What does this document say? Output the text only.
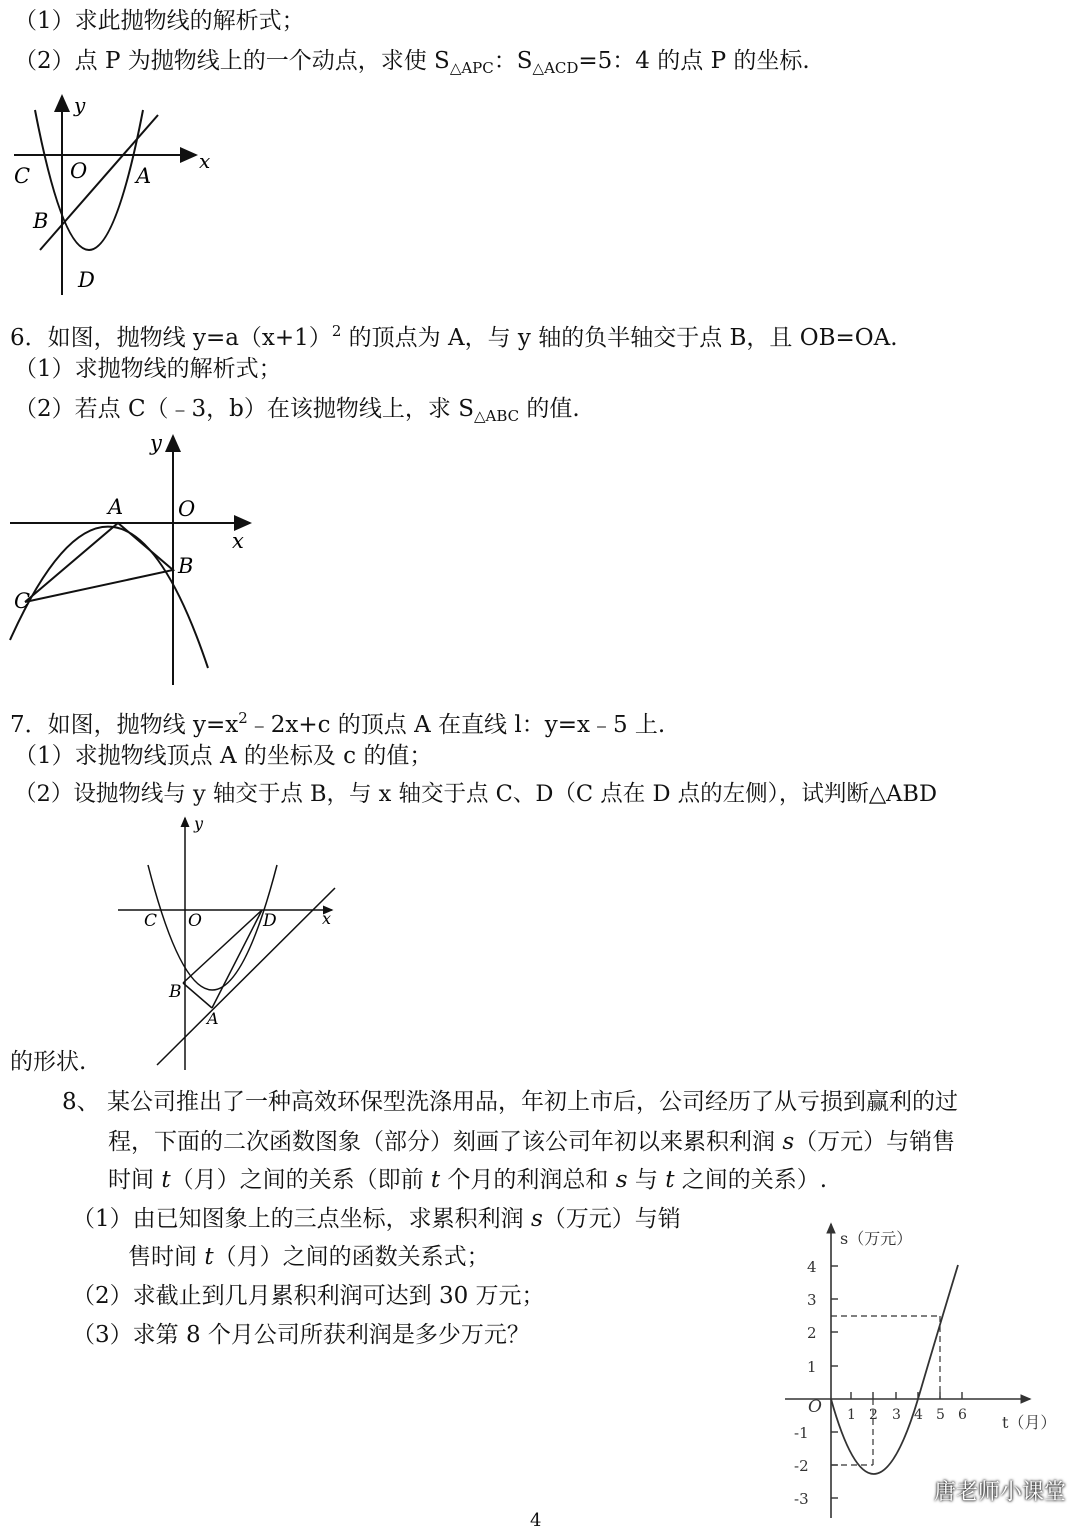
（1）求此抛物线的解析式；
（2）点 P 为抛物线上的一个动点，求使 $S_{\triangle APC}$：$S_{\triangle ACD}=5$：4 的点 P 的坐标.
y
x
C O A
B
D
6．如图，抛物线 $y=a(x+1)^2$ 的顶点为 A，与 y 轴的负半轴交于点 B，且 OB=OA.
（1）求抛物线的解析式；
（2）若点 C（﹣3，b）在该抛物线上，求 $S_{\triangle ABC}$ 的值.
y
x
A	O
B
C
7．如图，抛物线 $y=x^2﹣2x+c$ 的顶点 A 在直线 l：y=x﹣5 上.
（1）求抛物线顶点 A 的坐标及 c 的值；
（2）设抛物线与 y 轴交于点 B，与 x 轴交于点 C、D（C 点在 D 点的左侧），试判断△ABD
y
x
C O	D
B
A
的形状.
8、 某公司推出了一种高效环保型洗涤用品，年初上市后，公司经历了从亏损到赢利的过
程，下面的二次函数图象（部分）刻画了该公司年初以来累积利润 s（万元）与销售
时间 t（月）之间的关系（即前 t 个月的利润总和 s 与 t 之间的关系）.
（1）由已知图象上的三点坐标，求累积利润 s（万元）与销
售时间 t（月）之间的函数关系式；
（2）求截止到几月累积利润可达到 30 万元；
（3）求第 8 个月公司所获利润是多少万元？
s（万元）
t（月）
O 1 2 3 4 5 6
4
3
2
1
-1
-2
-3
4
唐老师小课堂
